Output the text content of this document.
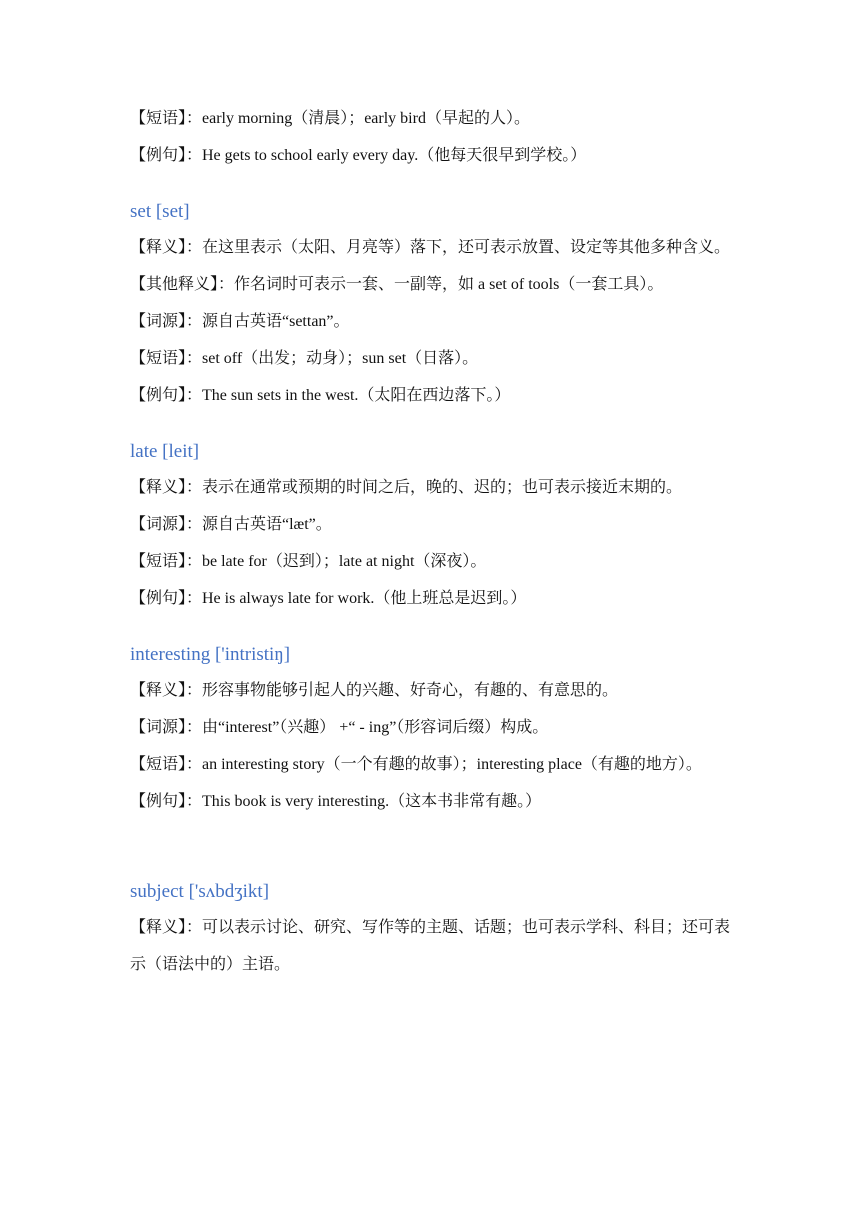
【短语】：early morning（清晨）；early bird（早起的人）。
【例句】：He gets to school early every day.（他每天很早到学校。）
set [set]
【释义】：在这里表示（太阳、月亮等）落下，还可表示放置、设定等其他多种含义。
【其他释义】：作名词时可表示一套、一副等，如 a set of tools（一套工具）。
【词源】：源自古英语“settan”。
【短语】：set off（出发；动身）；sun set（日落）。
【例句】：The sun sets in the west.（太阳在西边落下。）
late [leit]
【释义】：表示在通常或预期的时间之后，晚的、迟的；也可表示接近末期的。
【词源】：源自古英语“læt”。
【短语】：be late for（迟到）；late at night（深夜）。
【例句】：He is always late for work.（他上班总是迟到。）
interesting ['intristiŋ]
【释义】：形容事物能够引起人的兴趣、好奇心，有趣的、有意思的。
【词源】：由“interest”（兴趣） +“ - ing”（形容词后缀）构成。
【短语】：an interesting story（一个有趣的故事）；interesting place（有趣的地方）。
【例句】：This book is very interesting.（这本书非常有趣。）
subject ['sʌbdʒikt]
【释义】：可以表示讨论、研究、写作等的主题、话题；也可表示学科、科目；还可表示（语法中的）主语。
